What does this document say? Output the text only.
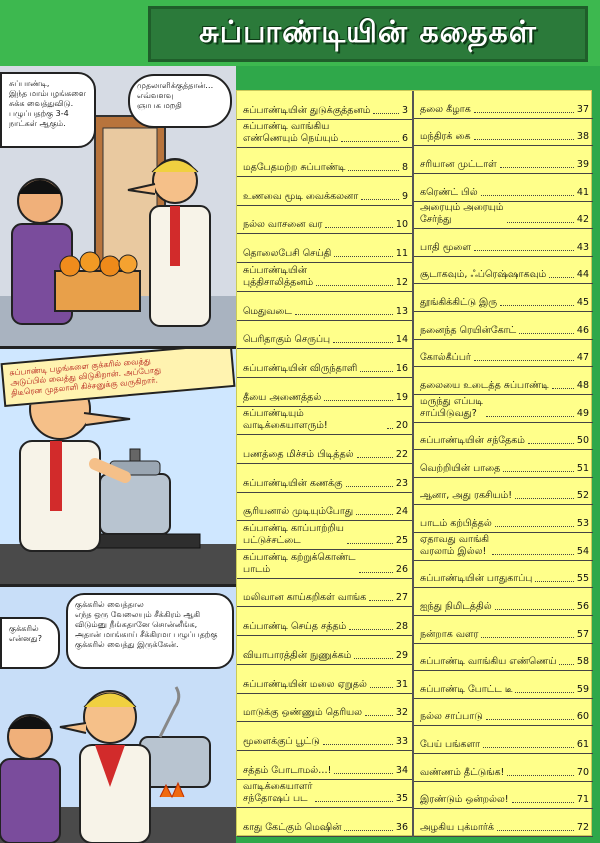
சுப்பாண்டியின் கதைகள்
சுப்பாண்டி,
இந்த மாம்பழங்களை
சுக்க வைத்துவிடு.
பழுப்பதற்கு 3-4
நாட்கள் ஆகும்.
முதலாளிக்குத்தான்…
எவ்வளவு
ஞாபக மறதி
சுப்பாண்டி பழங்களை குக்கரில் வைத்து
அடுப்பில் வைத்து விடுகிறான். அப்போது
திடீரென முதலாளி கிச்சனுக்கு வருகிறார்.
குக்கரில்
என்னது?
குக்கரில் வைத்தால
எந்த ஒரு வேலையும் சீக்கிரம் ஆகி
விடும்னு நீங்கதானே சொன்னீங்க,
அதான் மாங்காய் சீக்கிரமா பழுப்பதற்கு
குக்கரில் வைத்து இருக்கேன்.
சுப்பாண்டியின் துடுக்குத்தனம்	3
சுப்பாண்டி வாங்கிய
எண்ணெயும் நெய்யும்	6
மதபேதமற்ற சுப்பாண்டி	8
உணவை மூடி வைக்கலனா	9
நல்ல வாசனை வர	10
தொலைபேசி செய்தி	11
சுப்பாண்டியின்
புத்திசாலித்தனம்	12
மெதுவடை	13
பெரிதாகும் செருப்பு	14
சுப்பாண்டியின் விருந்தாளி	16
தீயை அணைத்தல்	19
சுப்பாண்டியும் வாடிக்கையாளரும்!	20
பணத்தை மிச்சம் பிடித்தல்	22
சுப்பாண்டியின் கணக்கு	23
சூரியனால் முடியும்போது	24
சுப்பாண்டி காப்பாற்றிய
பட்டுச்சட்டை	25
சுப்பாண்டி கற்றுக்கொண்ட
பாடம்	26
மலிவான காய்கறிகள் வாங்க	27
சுப்பாண்டி செய்த சத்தம்	28
வியாபாரத்தின் நுணுக்கம்	29
சுப்பாண்டியின் மலை ஏறுதல்	31
மாடுக்கு ஒண்ணும் தெரியல	32
மூளைக்குப் பூட்டு	33
சத்தம் போடாமல்…!	34
வாடிக்கையாளர்
சந்தோஷப் பட	35
காது கேட்கும் மெஷின்	36
தலை கீழாக	37
மந்திரக் கை	38
சரியான முட்டாள்	39
கரெண்ட் பில்	41
அரையும் அரையும்
சேர்ந்து	42
பாதி மூளை	43
சூடாகவும், ஃப்ரெஷ்ஷாகவும்	44
தூங்கிக்கிட்டு இரு	45
நனைந்த ரெயின்கோட்	46
கோல்கீப்பர்	47
தலையை உடைத்த சுப்பாண்டி	48
மருந்து எப்படி
சாப்பிடுவது?	49
சுப்பாண்டியின் சந்தேகம்	50
வெற்றியின் பாதை	51
ஆனா, அது ரகசியம்!	52
பாடம் கற்பித்தல்	53
ஏதாவது வாங்கி
வரலாம் இல்ல!	54
சுப்பாண்டியின் பாதுகாப்பு	55
ஐந்து நிமிடத்தில்	56
நன்றாக வளர	57
சுப்பாண்டி வாங்கிய எண்ணெய் 58
சுப்பாண்டி போட்ட டீ	59
நல்ல சாப்பாடு	60
பேய் பங்களா	61
வண்ணம் தீட்டுங்க!	70
இரண்டும் ஒன்றல்ல!	71
அழகிய புக்மார்க்	72
